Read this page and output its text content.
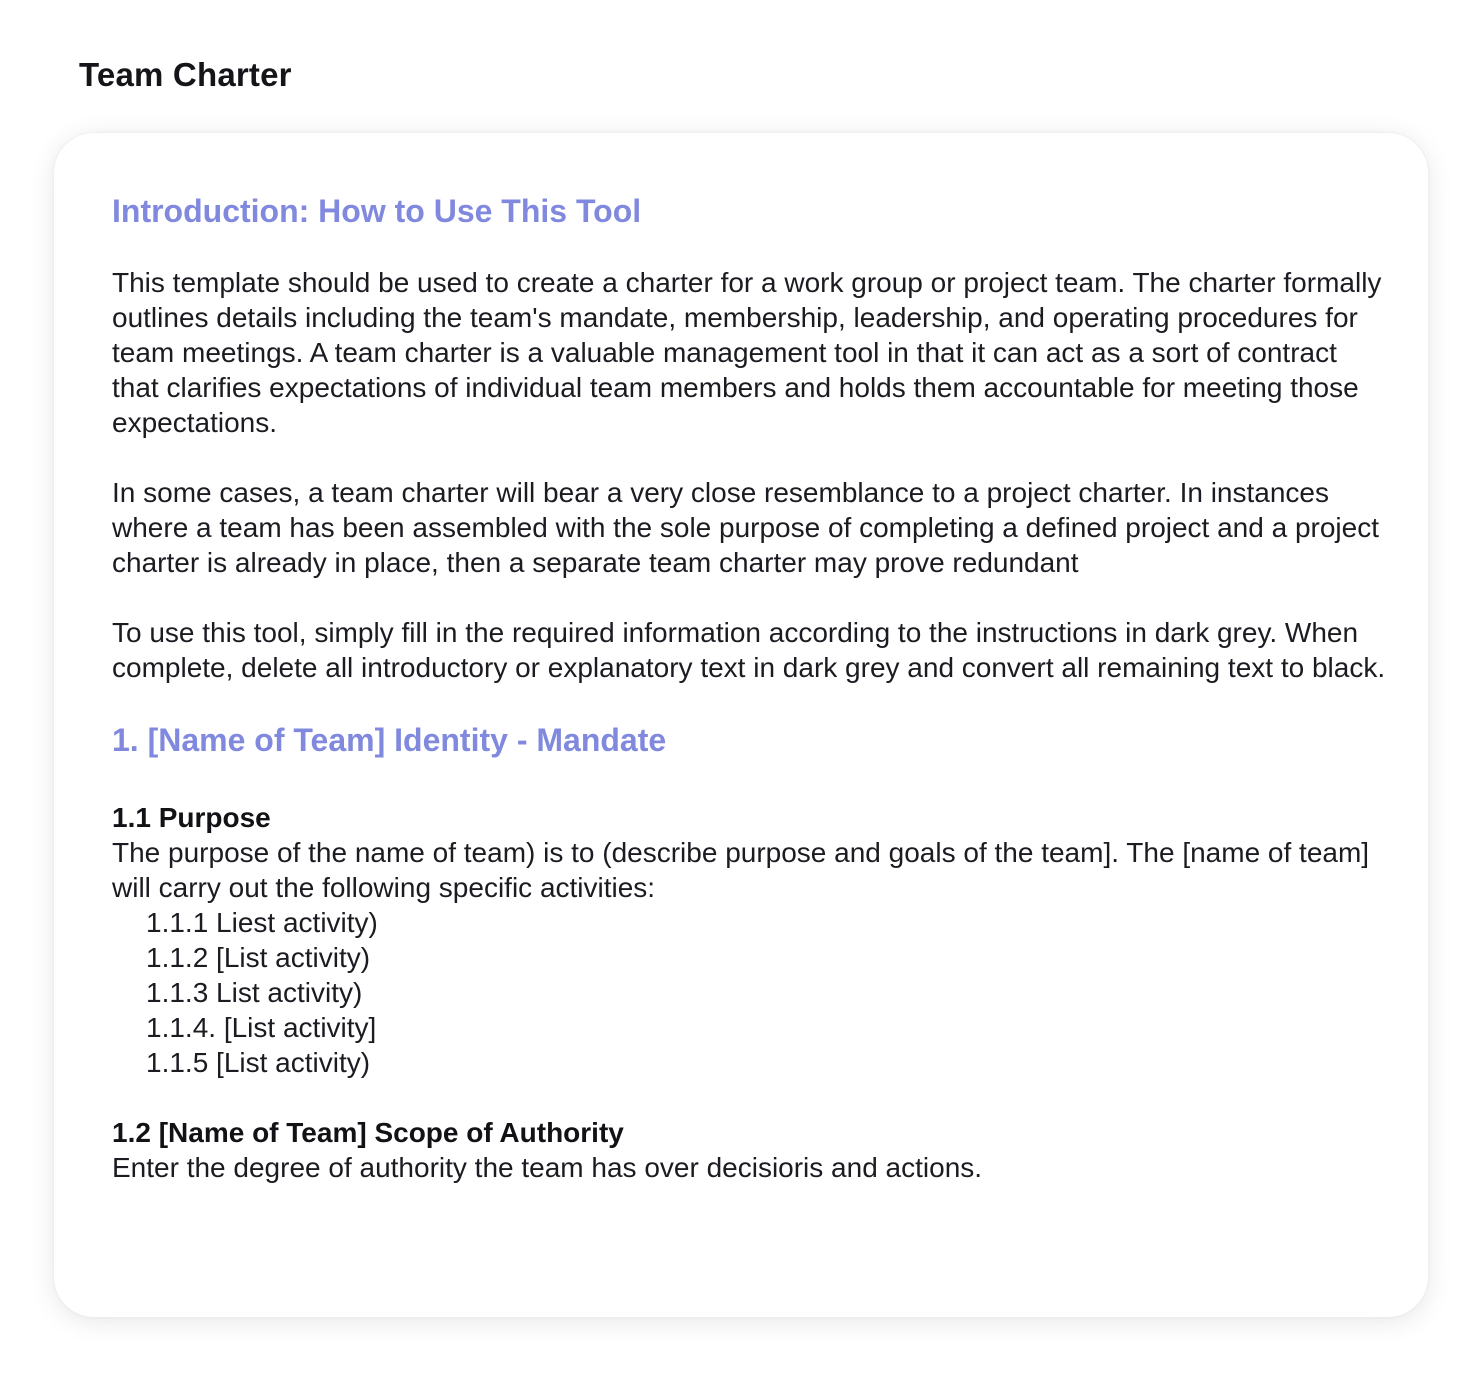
Team Charter
Introduction: How to Use This Tool

This template should be used to create a charter for a work group or project team. The charter formally outlines details including the team's mandate, membership, leadership, and operating procedures for team meetings. A team charter is a valuable management tool in that it can act as a sort of contract that clarifies expectations of individual team members and holds them accountable for meeting those expectations.

In some cases, a team charter will bear a very close resemblance to a project charter. In instances where a team has been assembled with the sole purpose of completing a defined project and a project charter is already in place, then a separate team charter may prove redundant

To use this tool, simply fill in the required information according to the instructions in dark grey. When complete, delete all introductory or explanatory text in dark grey and convert all remaining text to black.

1. [Name of Team] Identity - Mandate
1.1 Purpose

The purpose of the name of team) is to (describe purpose and goals of the team]. The [name of team] will carry out the following specific activities:

1.1.1 Liest activity)
1.1.2 [List activity)
1.1.3 List activity)
1.1.4. [List activity]
1.1.5 [List activity)
1.2 [Name of Team] Scope of Authority

Enter the degree of authority the team has over decisioris and actions.
